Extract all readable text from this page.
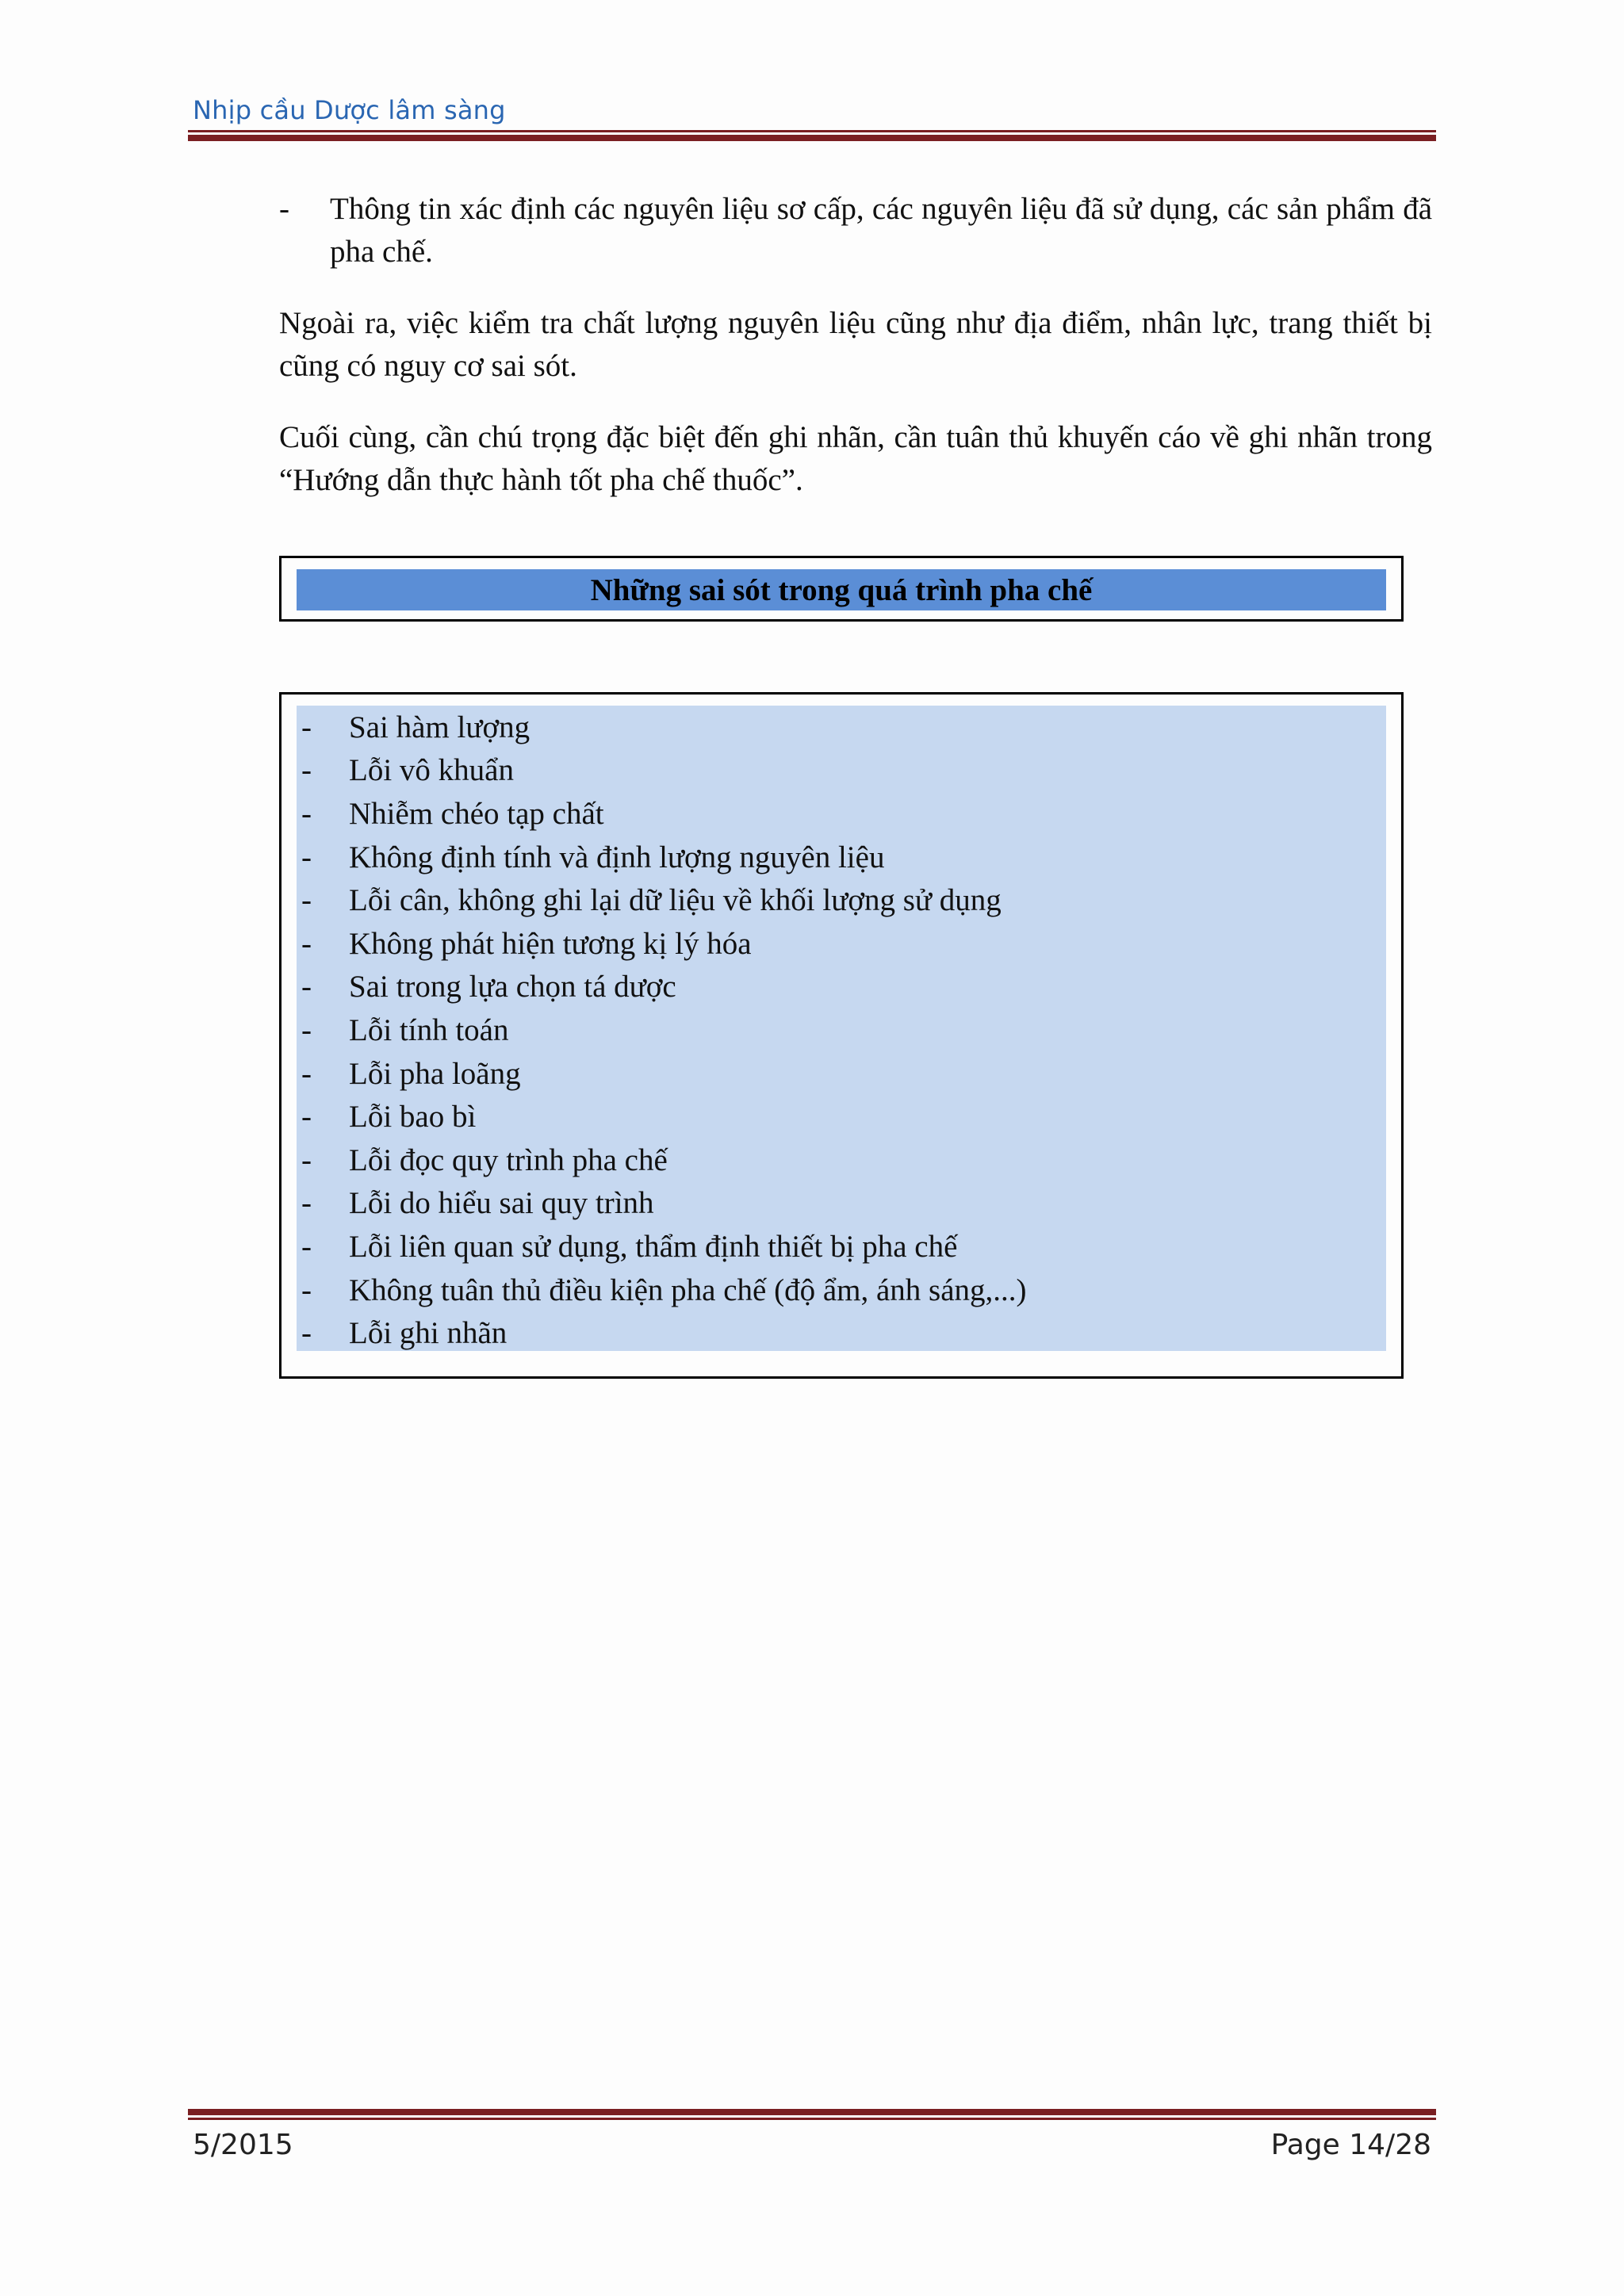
Nhịp cầu Dược lâm sàng
-	Thông tin xác định các nguyên liệu sơ cấp, các nguyên liệu đã sử dụng, các sản phẩm đã pha chế.

Ngoài ra, việc kiểm tra chất lượng nguyên liệu cũng như địa điểm, nhân lực, trang thiết bị cũng có nguy cơ sai sót.

Cuối cùng, cần chú trọng đặc biệt đến ghi nhãn, cần tuân thủ khuyến cáo về ghi nhãn trong “Hướng dẫn thực hành tốt pha chế thuốc”.

Những sai sót trong quá trình pha chế
-	Sai hàm lượng
-	Lỗi vô khuẩn
-	Nhiễm chéo tạp chất
-	Không định tính và định lượng nguyên liệu
-	Lỗi cân, không ghi lại dữ liệu về khối lượng sử dụng
-	Không phát hiện tương kị lý hóa
-	Sai trong lựa chọn tá dược
-	Lỗi tính toán
-	Lỗi pha loãng
-	Lỗi bao bì
-	Lỗi đọc quy trình pha chế
-	Lỗi do hiểu sai quy trình
-	Lỗi liên quan sử dụng, thẩm định thiết bị pha chế
-	Không tuân thủ điều kiện pha chế (độ ẩm, ánh sáng,...)
-	Lỗi ghi nhãn
5/2015	Page 14/28
